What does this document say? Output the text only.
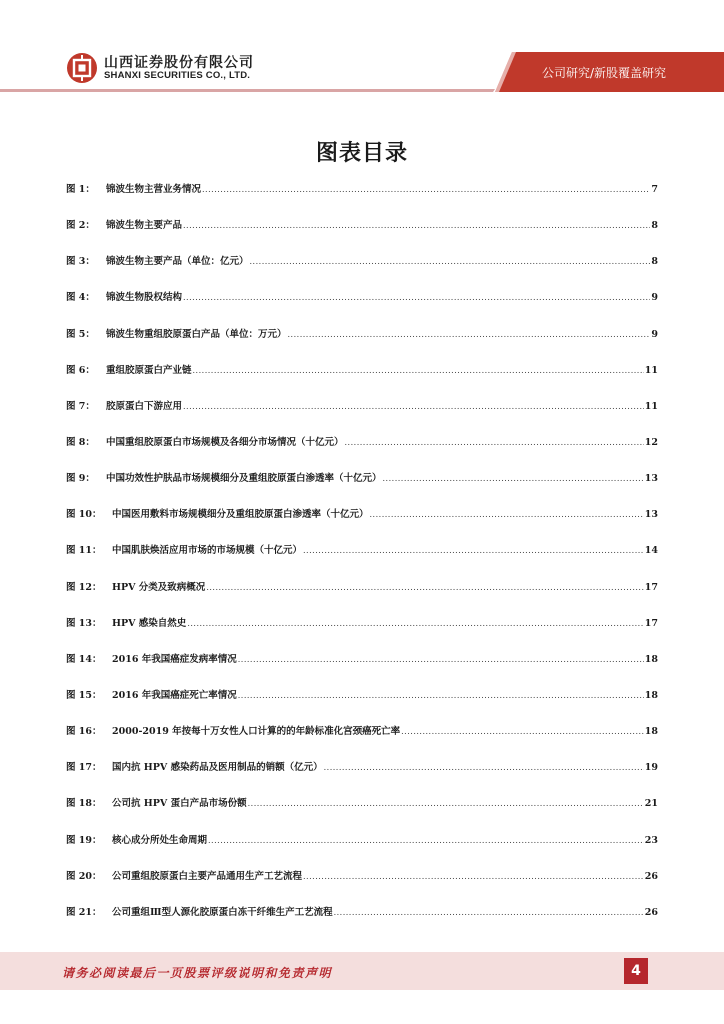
山西证券股份有限公司
SHANXI SECURITIES CO., LTD.	公司研究/新股覆盖研究
图表目录
图 1：	锦波生物主营业务情况 .....	7
图 2：	锦波生物主要产品 .....	8
图 3：	锦波生物主要产品（单位：亿元） .....	8
图 4：	锦波生物股权结构 .....	9
图 5：	锦波生物重组胶原蛋白产品（单位：万元） .....	9
图 6：	重组胶原蛋白产业链 .....	11
图 7：	胶原蛋白下游应用 .....	11
图 8：	中国重组胶原蛋白市场规模及各细分市场情况（十亿元） .....	12
图 9：	中国功效性护肤品市场规模细分及重组胶原蛋白渗透率（十亿元） .....	13
图 10：	中国医用敷料市场规模细分及重组胶原蛋白渗透率（十亿元） .....	13
图 11：	中国肌肤焕活应用市场的市场规模（十亿元） .....	14
图 12：	HPV 分类及致病概况 .....	17
图 13：	HPV 感染自然史 .....	17
图 14：	2016 年我国癌症发病率情况 .....	18
图 15：	2016 年我国癌症死亡率情况 .....	18
图 16：	2000-2019 年按每十万女性人口计算的的年龄标准化宫颈癌死亡率 .....	18
图 17：	国内抗 HPV 感染药品及医用制品的销额（亿元） .....	19
图 18：	公司抗 HPV 蛋白产品市场份额 .....	21
图 19：	核心成分所处生命周期 .....	23
图 20：	公司重组胶原蛋白主要产品通用生产工艺流程 .....	26
图 21：	公司重组Ⅲ型人源化胶原蛋白冻干纤维生产工艺流程 .....	26
请务必阅读最后一页股票评级说明和免责声明	4
